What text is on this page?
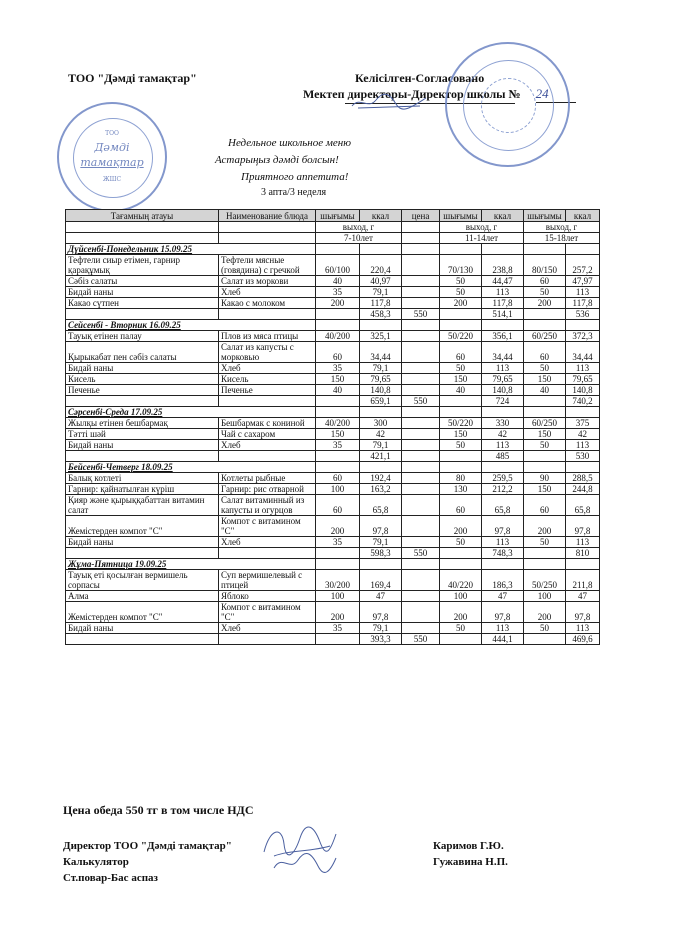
ТОО "Дәмді тамақтар"	Келісілген-Согласовано
Мектеп директоры-Директор школы № 24
Недельное школьное меню
Астарыңыз дәмді болсын!
Приятного аппетита!
3 апта/3 неделя
ТОО
Дәмді
тамақтар
ЖШС
Тағамның атауы	Наименование блюда	шығымы	ккал	цена	шығымы	ккал	шығымы	ккал
		выход, г			выход, г		выход, г	
		7-10лет			11-14лет		15-18лет	
Дүйсенбі-Понедельник 15.09.25								
Тефтели сиыр етімен, гарнир қарақұмық	Тефтели мясные (говядина) с гречкой	60/100	220,4		70/130	238,8	80/150	257,2
Сәбіз салаты	Салат из моркови	40	40,97		50	44,47	60	47,97
Бидай наны	Хлеб	35	79,1		50	113	50	113
Какао сүтпен	Какао с молоком	200	117,8		200	117,8	200	117,8
			458,3	550		514,1		536
Сейсенбі - Вторник 16.09.25								
Тауық етінен палау	Плов из мяса птицы	40/200	325,1		50/220	356,1	60/250	372,3
Қырыкабат пен сәбіз салаты	Салат из капусты с морковью	60	34,44		60	34,44	60	34,44
Бидай наны	Хлеб	35	79,1		50	113	50	113
Кисель	Кисель	150	79,65		150	79,65	150	79,65
Печенье	Печенье	40	140,8		40	140,8	40	140,8
			659,1	550		724		740,2
Сәрсенбі-Среда 17.09.25								
Жылқы етінен бешбармақ	Бешбармак с кониной	40/200	300		50/220	330	60/250	375
Тәтті шәй	Чай с сахаром	150	42		150	42	150	42
Бидай наны	Хлеб	35	79,1		50	113	50	113
			421,1			485		530
Бейсенбі-Четверг 18.09.25								
Балық котлеті	Котлеты рыбные	60	192,4		80	259,5	90	288,5
Гарнир: қайнатылған күріш	Гарнир: рис отварной	100	163,2		130	212,2	150	244,8
Қияр және қырыққабаттан витамин салат	Салат витаминный из капусты и огурцов	60	65,8		60	65,8	60	65,8
Жемістерден компот "С"	Компот с витамином "С"	200	97,8		200	97,8	200	97,8
Бидай наны	Хлеб	35	79,1		50	113	50	113
			598,3	550		748,3		810
Жұма-Пятница 19.09.25								
Тауық еті қосылған вермишель сорпасы	Суп вермишелевый с птицей	30/200	169,4		40/220	186,3	50/250	211,8
Алма	Яблоко	100	47		100	47	100	47
Жемістерден компот "С"	Компот с витамином "С"	200	97,8		200	97,8	200	97,8
Бидай наны	Хлеб	35	79,1		50	113	50	113
			393,3	550		444,1		469,6
Цена обеда 550 тг в том числе НДС
Директор ТОО "Дәмді тамақтар"	Каримов Г.Ю.
Калькулятор	Гужавина Н.П.
Ст.повар-Бас аспаз
